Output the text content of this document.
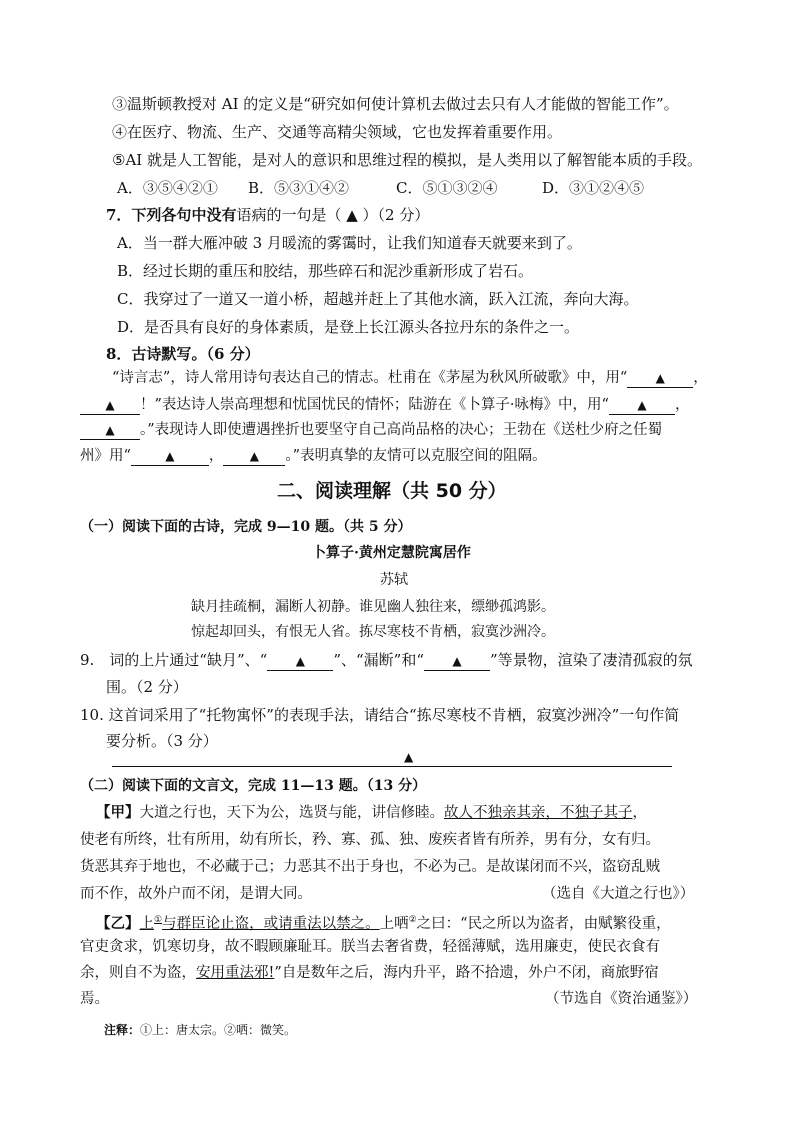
③温斯顿教授对 AI 的定义是“研究如何使计算机去做过去只有人才能做的智能工作”。
④在医疗、物流、生产、交通等高精尖领域，它也发挥着重要作用。
⑤AI 就是人工智能，是对人的意识和思维过程的模拟，是人类用以了解智能本质的手段。
A．③⑤④②① B．⑤③①④②	C．⑤①③②④	D．③①②④⑤
7．下列各句中没有语病的一句是（ ▲ ）（2 分）
A．当一群大雁冲破 3 月暖流的雾霭时，让我们知道春天就要来到了。
B．经过长期的重压和胶结，那些碎石和泥沙重新形成了岩石。
C．我穿过了一道又一道小桥，超越并赶上了其他水滴，跃入江流，奔向大海。
D．是否具有良好的身体素质，是登上长江源头各拉丹东的条件之一。
8．古诗默写。（6 分）
“诗言志”，诗人常用诗句表达自己的情志。杜甫在《茅屋为秋风所破歌》中，用“ ▲ ，
▲ ！”表达诗人崇高理想和忧国忧民的情怀；陆游在《卜算子·咏梅》中，用“ ▲ ，
▲ 。”表现诗人即使遭遇挫折也要坚守自己高尚品格的决心；王勃在《送杜少府之任蜀
州》用“	▲ ， ▲ 。”表明真挚的友情可以克服空间的阻隔。
二、阅读理解（共 50 分）
（一）阅读下面的古诗，完成 9—10 题。（共 5 分）
卜算子·黄州定慧院寓居作
苏轼
缺月挂疏桐，漏断人初静。谁见幽人独往来，缥缈孤鸿影。
惊起却回头，有恨无人省。拣尽寒枝不肯栖，寂寞沙洲冷。
9.　词的上片通过“缺月”、“ ▲ ”、“漏断”和“ ▲ ”等景物，渲染了凄清孤寂的氛
围。（2 分）
10. 这首词采用了“托物寓怀”的表现手法，请结合“拣尽寒枝不肯栖，寂寞沙洲冷”一句作简
要分析。（3 分）
▲
（二）阅读下面的文言文，完成 11—13 题。（13 分）
【甲】大道之行也，天下为公，选贤与能，讲信修睦。故人不独亲其亲，不独子其子，
使老有所终，壮有所用，幼有所长，矜、寡、孤、独、废疾者皆有所养，男有分，女有归。
货恶其弃于地也，不必藏于己；力恶其不出于身也，不必为己。是故谋闭而不兴，盗窃乱贼
而不作，故外户而不闭，是谓大同。	（选自《大道之行也》）
【乙】上①与群臣论止盗，或请重法以禁之。上哂②之曰：“民之所以为盗者，由赋繁役重，
官吏贪求，饥寒切身，故不暇顾廉耻耳。朕当去奢省费，轻徭薄赋，选用廉吏，使民衣食有
余，则自不为盗，安用重法邪!”自是数年之后，海内升平，路不拾遗，外户不闭，商旅野宿
焉。	（节选自《资治通鉴》）
注释：①上：唐太宗。②哂：微笑。
